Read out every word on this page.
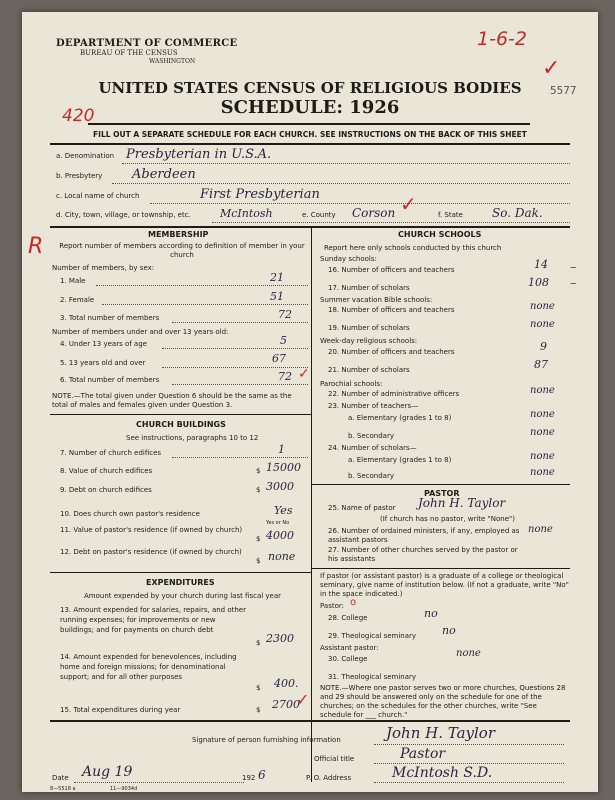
DEPARTMENT OF COMMERCE
BUREAU OF THE CENSUS
WASHINGTON
1-6-2
✓
5577
UNITED STATES CENSUS OF RELIGIOUS BODIES
SCHEDULE: 1926
420
FILL OUT A SEPARATE SCHEDULE FOR EACH CHURCH. SEE INSTRUCTIONS ON THE BACK OF THIS SHEET
a. Denomination Presbyterian in U.S.A.
b. Presbytery Aberdeen
c. Local name of church	First Presbyterian
d. City, town, village, or township, etc.	McIntosh	e. County Corson ✓	f. State So. Dak.
R	MEMBERSHIP
Report number of members according to definition of member in your church
Number of members, by sex:
1. Male	21
2. Female	51
3. Total number of members	72
Number of members under and over 13 years old:
4. Under 13 years of age	5
5. 13 years old and over	67
6. Total number of members	72 ✓
NOTE.—The total given under Question 6 should be the same as the total of males and females given under Question 3.
CHURCH BUILDINGS
See instructions, paragraphs 10 to 12
7. Number of church edifices	1
8. Value of church edifices	$ 15000
9. Debt on church edifices	$ 3000
10. Does church own pastor's residence	Yes
Yes or No
11. Value of pastor's residence (if owned by church)
$ 4000
12. Debt on pastor's residence (if owned by church)
$ none
EXPENDITURES
Amount expended by your church during last fiscal year
13. Amount expended for salaries, repairs, and other running expenses; for improvements or new buildings; and for payments on church debt
$ 2300
14. Amount expended for benevolences, including home and foreign missions; for denominational support; and for all other purposes
$ 400.
15. Total expenditures during year	$ 2700
✓
CHURCH SCHOOLS
Report here only schools conducted by this church
Sunday schools:
16. Number of officers and teachers	14
17. Number of scholars	108
–
–
Summer vacation Bible schools:
18. Number of officers and teachers	none
19. Number of scholars	none
Week-day religious schools:
20. Number of officers and teachers	9
21. Number of scholars	87
Parochial schools:
22. Number of administrative officers	none
23. Number of teachers—
a. Elementary (grades 1 to 8)	none
b. Secondary	none
24. Number of scholars—
a. Elementary (grades 1 to 8)	none
b. Secondary	none
PASTOR
25. Name of pastor John H. Taylor
(If church has no pastor, write "None")
26. Number of ordained ministers, if any, employed as assistant pastors
none
27. Number of other churches served by the pastor or his assistants
If pastor (or assistant pastor) is a graduate of a college or theological seminary, give name of institution below. (If not a graduate, write "No" in the space indicated.)
Pastor: o
28. College	no
29. Theological seminary no
Assistant pastor:
30. College	none
31. Theological seminary
NOTE.—Where one pastor serves two or more churches, Questions 28 and 29 should be answered only on the schedule for one of the churches; on the schedules for the other churches, write "See schedule for ___ church."
Signature of person furnishing information	John H. Taylor
Official title	Pastor
Date Aug 19	192 6	P. O. Address	McIntosh S.D.
8—5518 a	11—9034d
